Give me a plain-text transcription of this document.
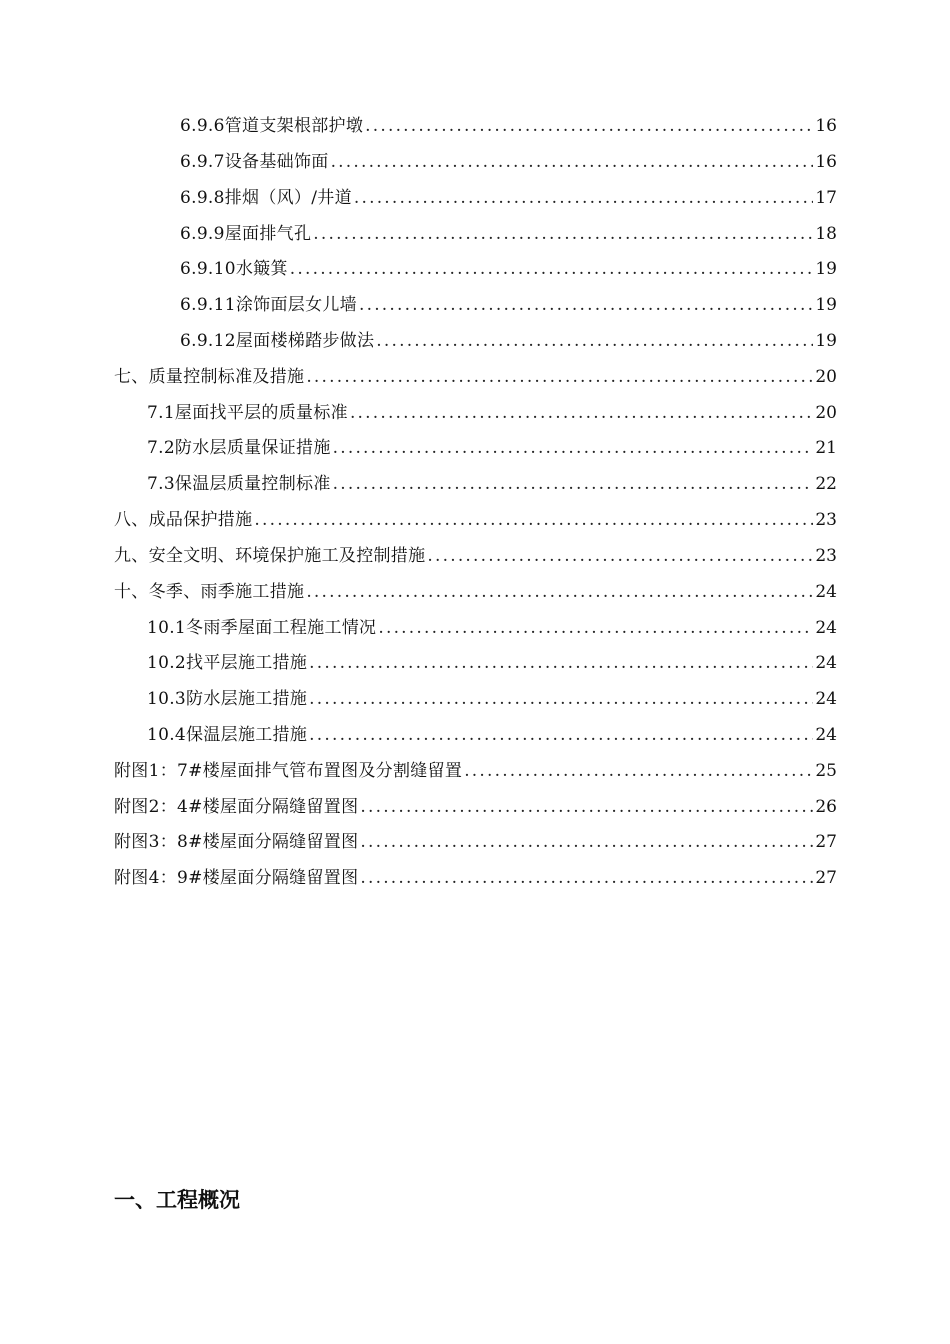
6.9.6管道支架根部护墩 .....	16
6.9.7设备基础饰面 .....	16
6.9.8排烟（风）/井道 .....	17
6.9.9屋面排气孔 .....	18
6.9.10水簸箕 .....	19
6.9.11涂饰面层女儿墙 .....	19
6.9.12屋面楼梯踏步做法 .....	19
七、质量控制标准及措施 .....	20
7.1屋面找平层的质量标准 .....	20
7.2防水层质量保证措施 .....	21
7.3保温层质量控制标准 .....	22
八、成品保护措施 .....	23
九、安全文明、环境保护施工及控制措施 .....	23
十、冬季、雨季施工措施 .....	24
10.1冬雨季屋面工程施工情况 .....	24
10.2找平层施工措施 .....	24
10.3防水层施工措施 .....	24
10.4保温层施工措施 .....	24
附图1：7#楼屋面排气管布置图及分割缝留置 .....	25
附图2：4#楼屋面分隔缝留置图 .....	26
附图3：8#楼屋面分隔缝留置图 .....	27
附图4：9#楼屋面分隔缝留置图 .....	27
一、工程概况
